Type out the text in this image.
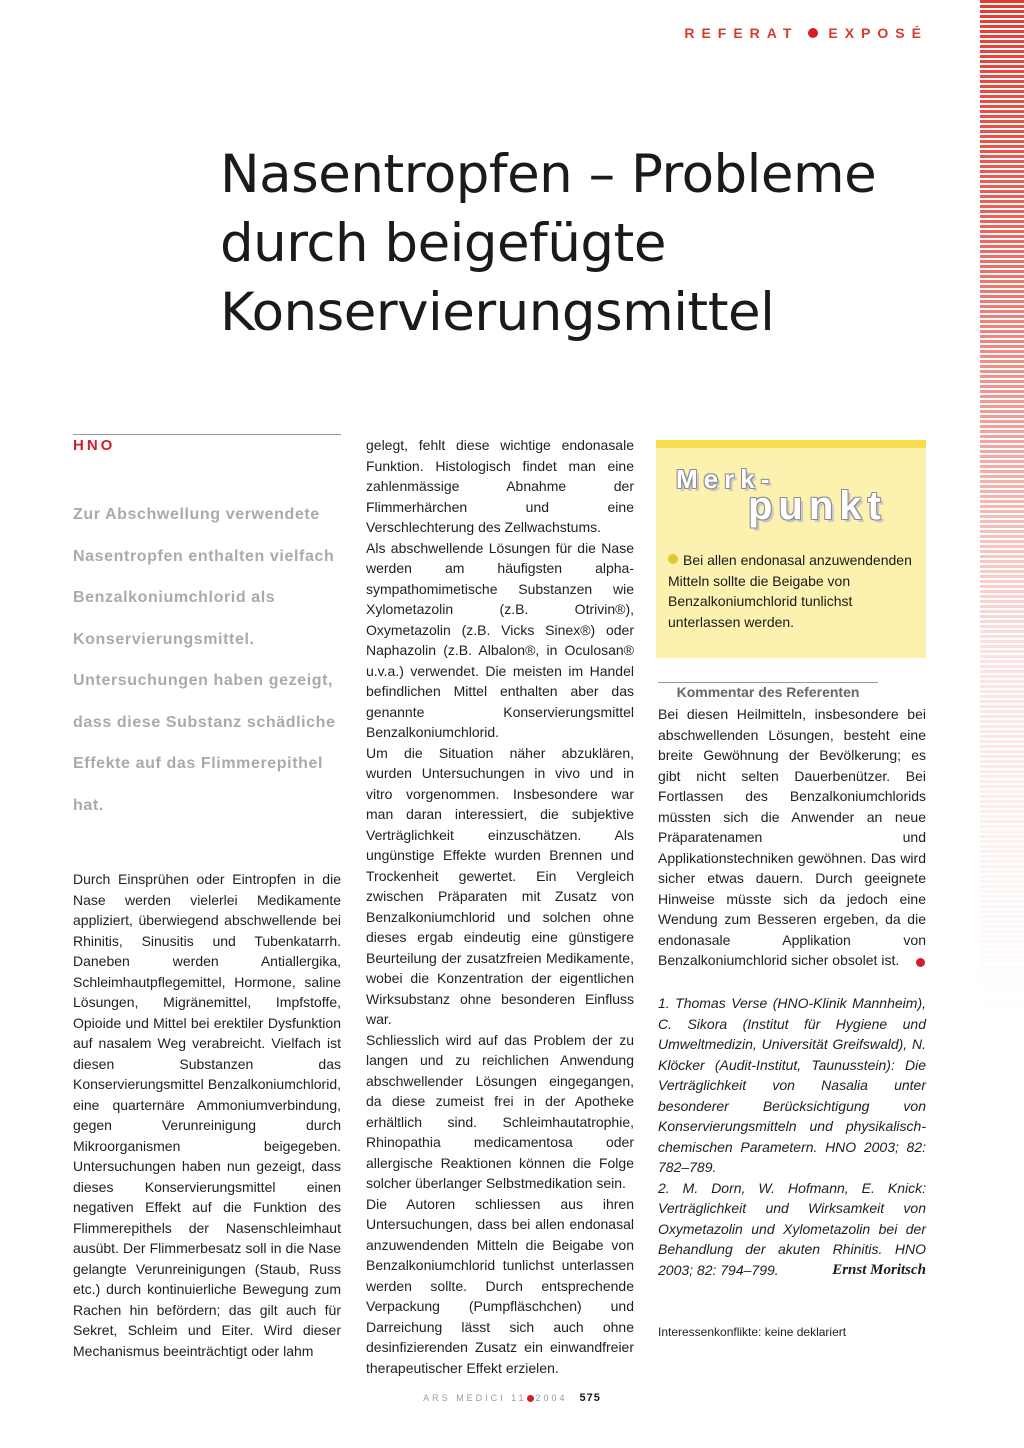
REFERAT EXPOSÉ
Nasentropfen – Probleme durch beigefügte Konservierungsmittel
HNO

Zur Abschwellung verwendete Nasentropfen enthalten vielfach Benzalkoniumchlorid als Konservierungsmittel. Untersuchungen haben gezeigt, dass diese Substanz schädliche Effekte auf das Flimmerepithel hat.

Durch Einsprühen oder Eintropfen in die Nase werden vielerlei Medikamente appliziert, überwiegend abschwellende bei Rhinitis, Sinusitis und Tubenkatarrh. Daneben werden Antiallergika, Schleimhautpflegemittel, Hormone, saline Lösungen, Migränemittel, Impfstoffe, Opioide und Mittel bei erektiler Dysfunktion auf nasalem Weg verabreicht. Vielfach ist diesen Substanzen das Konservierungsmittel Benzalkoniumchlorid, eine quarternäre Ammoniumverbindung, gegen Verunreinigung durch Mikroorganismen beigegeben. Untersuchungen haben nun gezeigt, dass dieses Konservierungsmittel einen negativen Effekt auf die Funktion des Flimmerepithels der Nasenschleimhaut ausübt. Der Flimmerbesatz soll in die Nase gelangte Verunreinigungen (Staub, Russ etc.) durch kontinuierliche Bewegung zum Rachen hin befördern; das gilt auch für Sekret, Schleim und Eiter. Wird dieser Mechanismus beeinträchtigt oder lahm

gelegt, fehlt diese wichtige endonasale Funktion. Histologisch findet man eine zahlenmässige Abnahme der Flimmerhärchen und eine Verschlechterung des Zellwachstums.

Als abschwellende Lösungen für die Nase werden am häufigsten alpha-sympathomimetische Substanzen wie Xylometazolin (z.B. Otrivin®), Oxymetazolin (z.B. Vicks Sinex®) oder Naphazolin (z.B. Albalon®, in Oculosan® u.v.a.) verwendet. Die meisten im Handel befindlichen Mittel enthalten aber das genannte Konservierungsmittel Benzalkoniumchlorid.

Um die Situation näher abzuklären, wurden Untersuchungen in vivo und in vitro vorgenommen. Insbesondere war man daran interessiert, die subjektive Verträglichkeit einzuschätzen. Als ungünstige Effekte wurden Brennen und Trockenheit gewertet. Ein Vergleich zwischen Präparaten mit Zusatz von Benzalkoniumchlorid und solchen ohne dieses ergab eindeutig eine günstigere Beurteilung der zusatzfreien Medikamente, wobei die Konzentration der eigentlichen Wirksubstanz ohne besonderen Einfluss war.

Schliesslich wird auf das Problem der zu langen und zu reichlichen Anwendung abschwellender Lösungen eingegangen, da diese zumeist frei in der Apotheke erhältlich sind. Schleimhautatrophie, Rhinopathia medicamentosa oder allergische Reaktionen können die Folge solcher überlanger Selbstmedikation sein.

Die Autoren schliessen aus ihren Untersuchungen, dass bei allen endonasal anzuwendenden Mitteln die Beigabe von Benzalkoniumchlorid tunlichst unterlassen werden sollte. Durch entsprechende Verpackung (Pumpfläschchen) und Darreichung lässt sich auch ohne desinfizierenden Zusatz ein einwandfreier therapeutischer Effekt erzielen.

Merk-
punkt

Bei allen endonasal anzuwendenden Mitteln sollte die Beigabe von Benzalkoniumchlorid tunlichst unterlassen werden.

Kommentar des Referenten

Bei diesen Heilmitteln, insbesondere bei abschwellenden Lösungen, besteht eine breite Gewöhnung der Bevölkerung; es gibt nicht selten Dauerbenützer. Bei Fortlassen des Benzalkoniumchlorids müssten sich die Anwender an neue Präparatenamen und Applikationstechniken gewöhnen. Das wird sicher etwas dauern. Durch geeignete Hinweise müsste sich da jedoch eine Wendung zum Besseren ergeben, da die endonasale Applikation von Benzalkoniumchlorid sicher obsolet ist.

1. Thomas Verse (HNO-Klinik Mannheim), C. Sikora (Institut für Hygiene und Umweltmedizin, Universität Greifswald), N. Klöcker (Audit-Institut, Taunusstein): Die Verträglichkeit von Nasalia unter besonderer Berücksichtigung von Konservierungsmitteln und physikalisch-chemischen Parametern. HNO 2003; 82: 782–789.
2. M. Dorn, W. Hofmann, E. Knick: Verträglichkeit und Wirksamkeit von Oxymetazolin und Xylometazolin bei der Behandlung der akuten Rhinitis. HNO 2003; 82: 794–799.	Ernst Moritsch
Interessenkonflikte: keine deklariert
ARS MEDICI 11 2004 575
